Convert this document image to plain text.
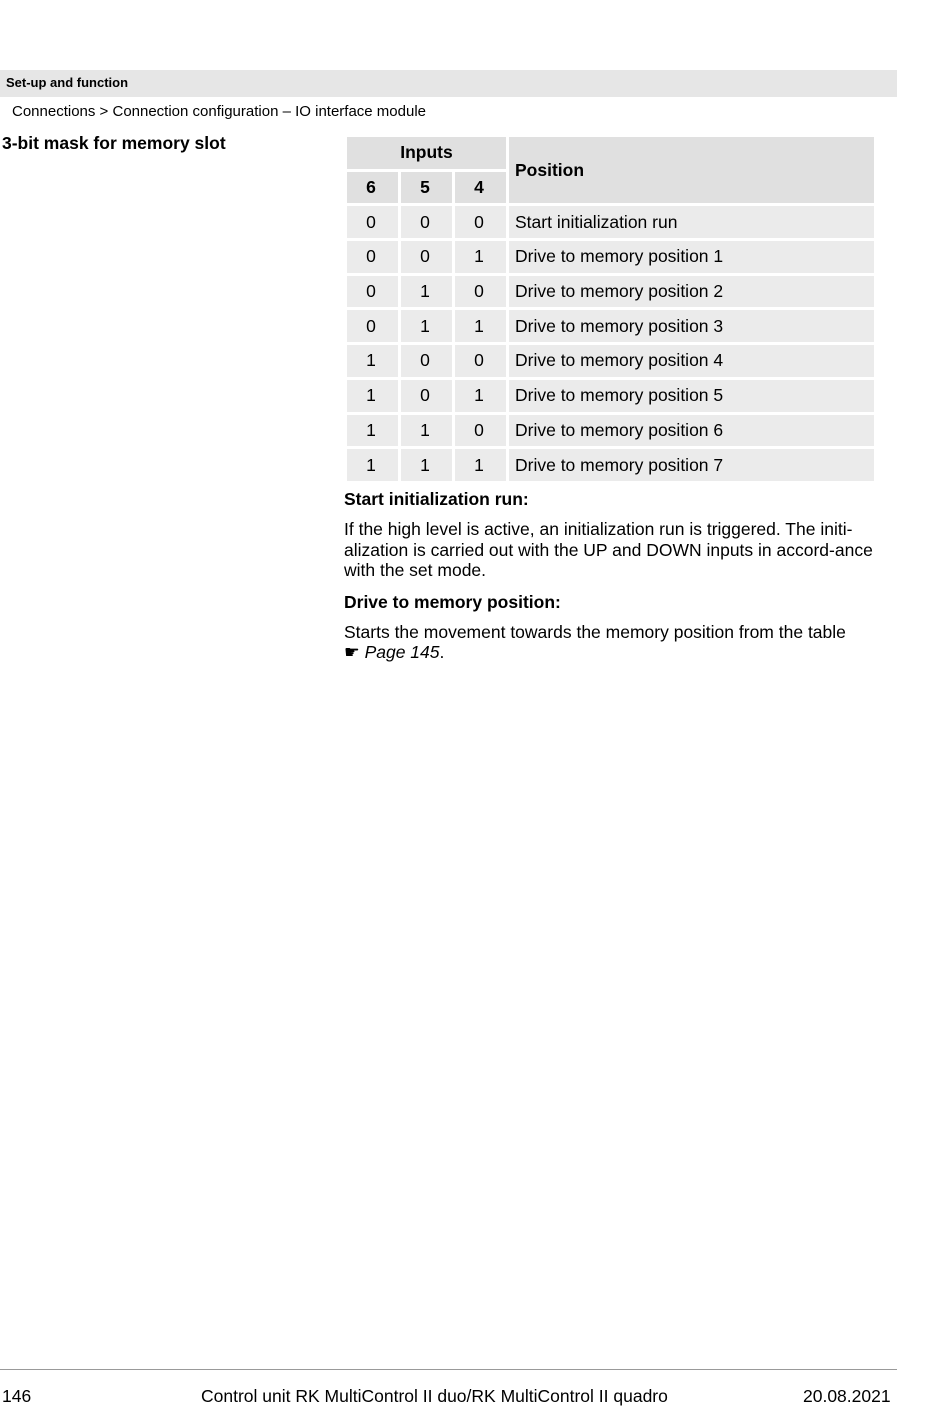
Set-up and function
Connections > Connection configuration – IO interface module
3-bit mask for memory slot	Inputs			Position
6	5	4	
0	0	0	Start initialization run
0	0	1	Drive to memory position 1
0	1	0	Drive to memory position 2
0	1	1	Drive to memory position 3
1	0	0	Drive to memory position 4
1	0	1	Drive to memory position 5
1	1	0	Drive to memory position 6
1	1	1	Drive to memory position 7
Start initialization run:

If the high level is active, an initialization run is triggered. The initi-alization is carried out with the UP and DOWN inputs in accord-ance with the set mode.

Drive to memory position:

Starts the movement towards the memory position from the table
☛ Page 145.

146	Control unit RK MultiControl II duo/RK MultiControl II quadro	20.08.2021
